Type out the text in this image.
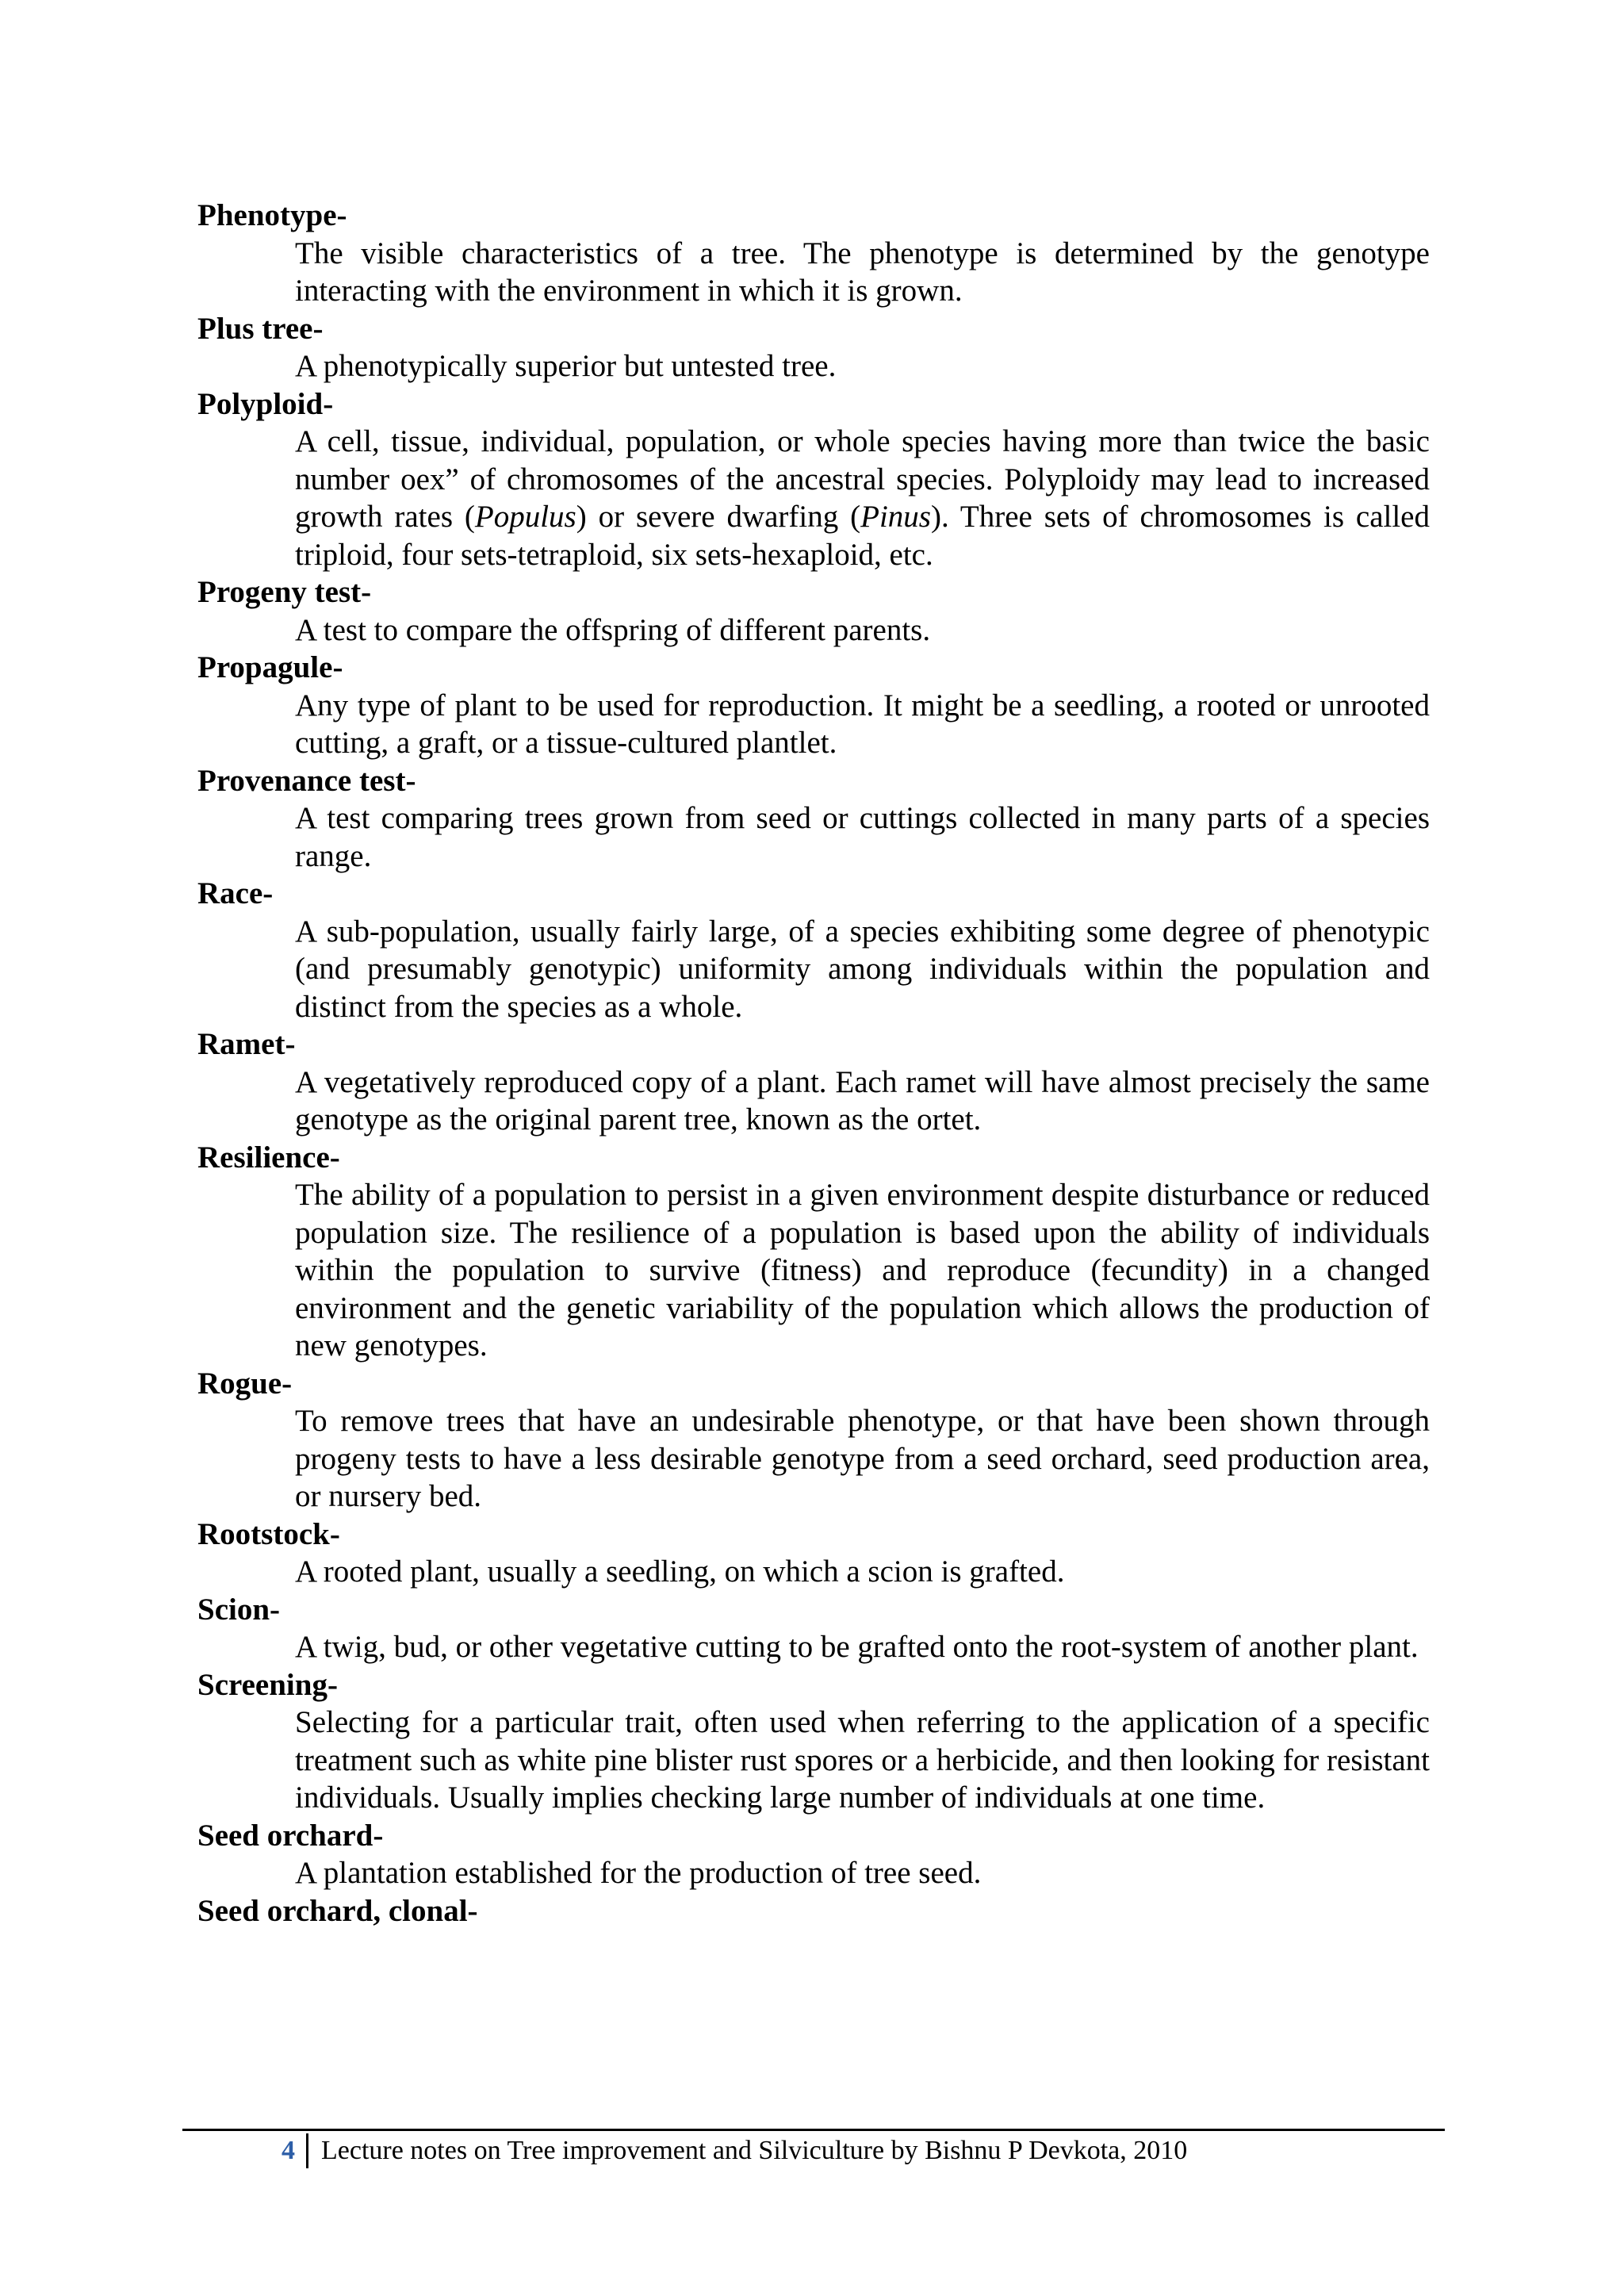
Phenotype-

The visible characteristics of a tree. The phenotype is determined by the genotype interacting with the environment in which it is grown.

Plus tree-

A phenotypically superior but untested tree.

Polyploid-

A cell, tissue, individual, population, or whole species having more than twice the basic number oex” of chromosomes of the ancestral species. Polyploidy may lead to increased growth rates (Populus) or severe dwarfing (Pinus). Three sets of chromosomes is called triploid, four sets-tetraploid, six sets-hexaploid, etc.

Progeny test-

A test to compare the offspring of different parents.

Propagule-

Any type of plant to be used for reproduction. It might be a seedling, a rooted or unrooted cutting, a graft, or a tissue-cultured plantlet.

Provenance test-

A test comparing trees grown from seed or cuttings collected in many parts of a species range.

Race-

A sub-population, usually fairly large, of a species exhibiting some degree of phenotypic (and presumably genotypic) uniformity among individuals within the population and distinct from the species as a whole.

Ramet-

A vegetatively reproduced copy of a plant. Each ramet will have almost precisely the same genotype as the original parent tree, known as the ortet.

Resilience-

The ability of a population to persist in a given environment despite disturbance or reduced population size. The resilience of a population is based upon the ability of individuals within the population to survive (fitness) and reproduce (fecundity) in a changed environment and the genetic variability of the population which allows the production of new genotypes.

Rogue-

To remove trees that have an undesirable phenotype, or that have been shown through progeny tests to have a less desirable genotype from a seed orchard, seed production area, or nursery bed.

Rootstock-

A rooted plant, usually a seedling, on which a scion is grafted.

Scion-

A twig, bud, or other vegetative cutting to be grafted onto the root-system of another plant.

Screening-

Selecting for a particular trait, often used when referring to the application of a specific treatment such as white pine blister rust spores or a herbicide, and then looking for resistant individuals. Usually implies checking large number of individuals at one time.

Seed orchard-

A plantation established for the production of tree seed.

Seed orchard, clonal-

4 Lecture notes on Tree improvement and Silviculture by Bishnu P Devkota, 2010
